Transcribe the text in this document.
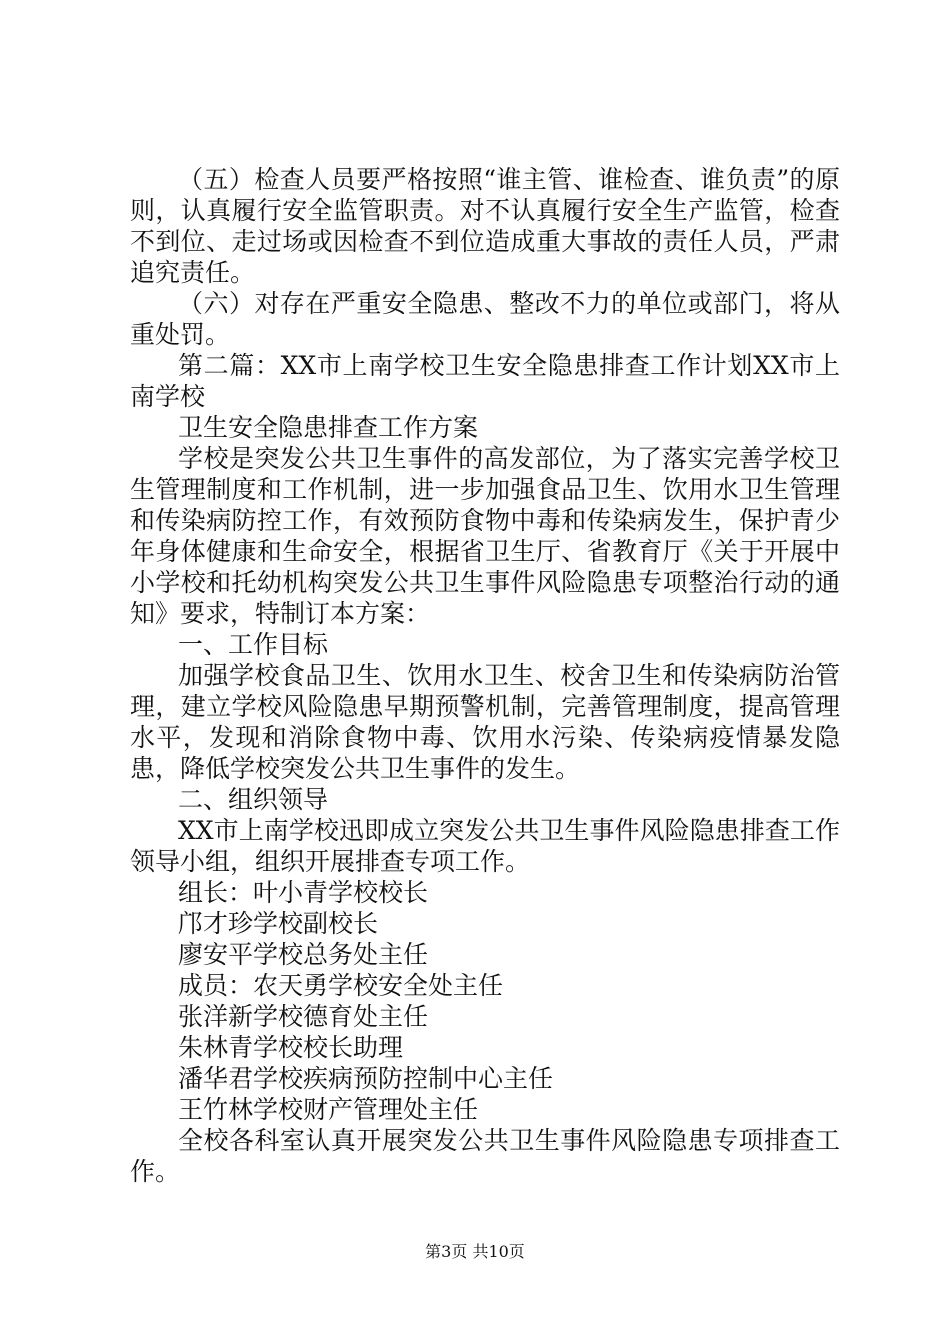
（五）检查人员要严格按照“谁主管、谁检查、谁负责”的原则，认真履行安全监管职责。对不认真履行安全生产监管，检查不到位、走过场或因检查不到位造成重大事故的责任人员，严肃追究责任。

（六）对存在严重安全隐患、整改不力的单位或部门，将从重处罚。

第二篇：XX市上南学校卫生安全隐患排查工作计划XX市上南学校

卫生安全隐患排查工作方案

学校是突发公共卫生事件的高发部位，为了落实完善学校卫生管理制度和工作机制，进一步加强食品卫生、饮用水卫生管理和传染病防控工作，有效预防食物中毒和传染病发生，保护青少年身体健康和生命安全，根据省卫生厅、省教育厅《关于开展中小学校和托幼机构突发公共卫生事件风险隐患专项整治行动的通知》要求，特制订本方案：

一、工作目标

加强学校食品卫生、饮用水卫生、校舍卫生和传染病防治管理，建立学校风险隐患早期预警机制，完善管理制度，提高管理水平，发现和消除食物中毒、饮用水污染、传染病疫情暴发隐患，降低学校突发公共卫生事件的发生。

二、组织领导

XX市上南学校迅即成立突发公共卫生事件风险隐患排查工作领导小组，组织开展排查专项工作。

组长：叶小青学校校长

邝才珍学校副校长

廖安平学校总务处主任

成员：农天勇学校安全处主任

张洋新学校德育处主任

朱林青学校校长助理

潘华君学校疾病预防控制中心主任

王竹林学校财产管理处主任

全校各科室认真开展突发公共卫生事件风险隐患专项排查工作。

第3页 共10页
